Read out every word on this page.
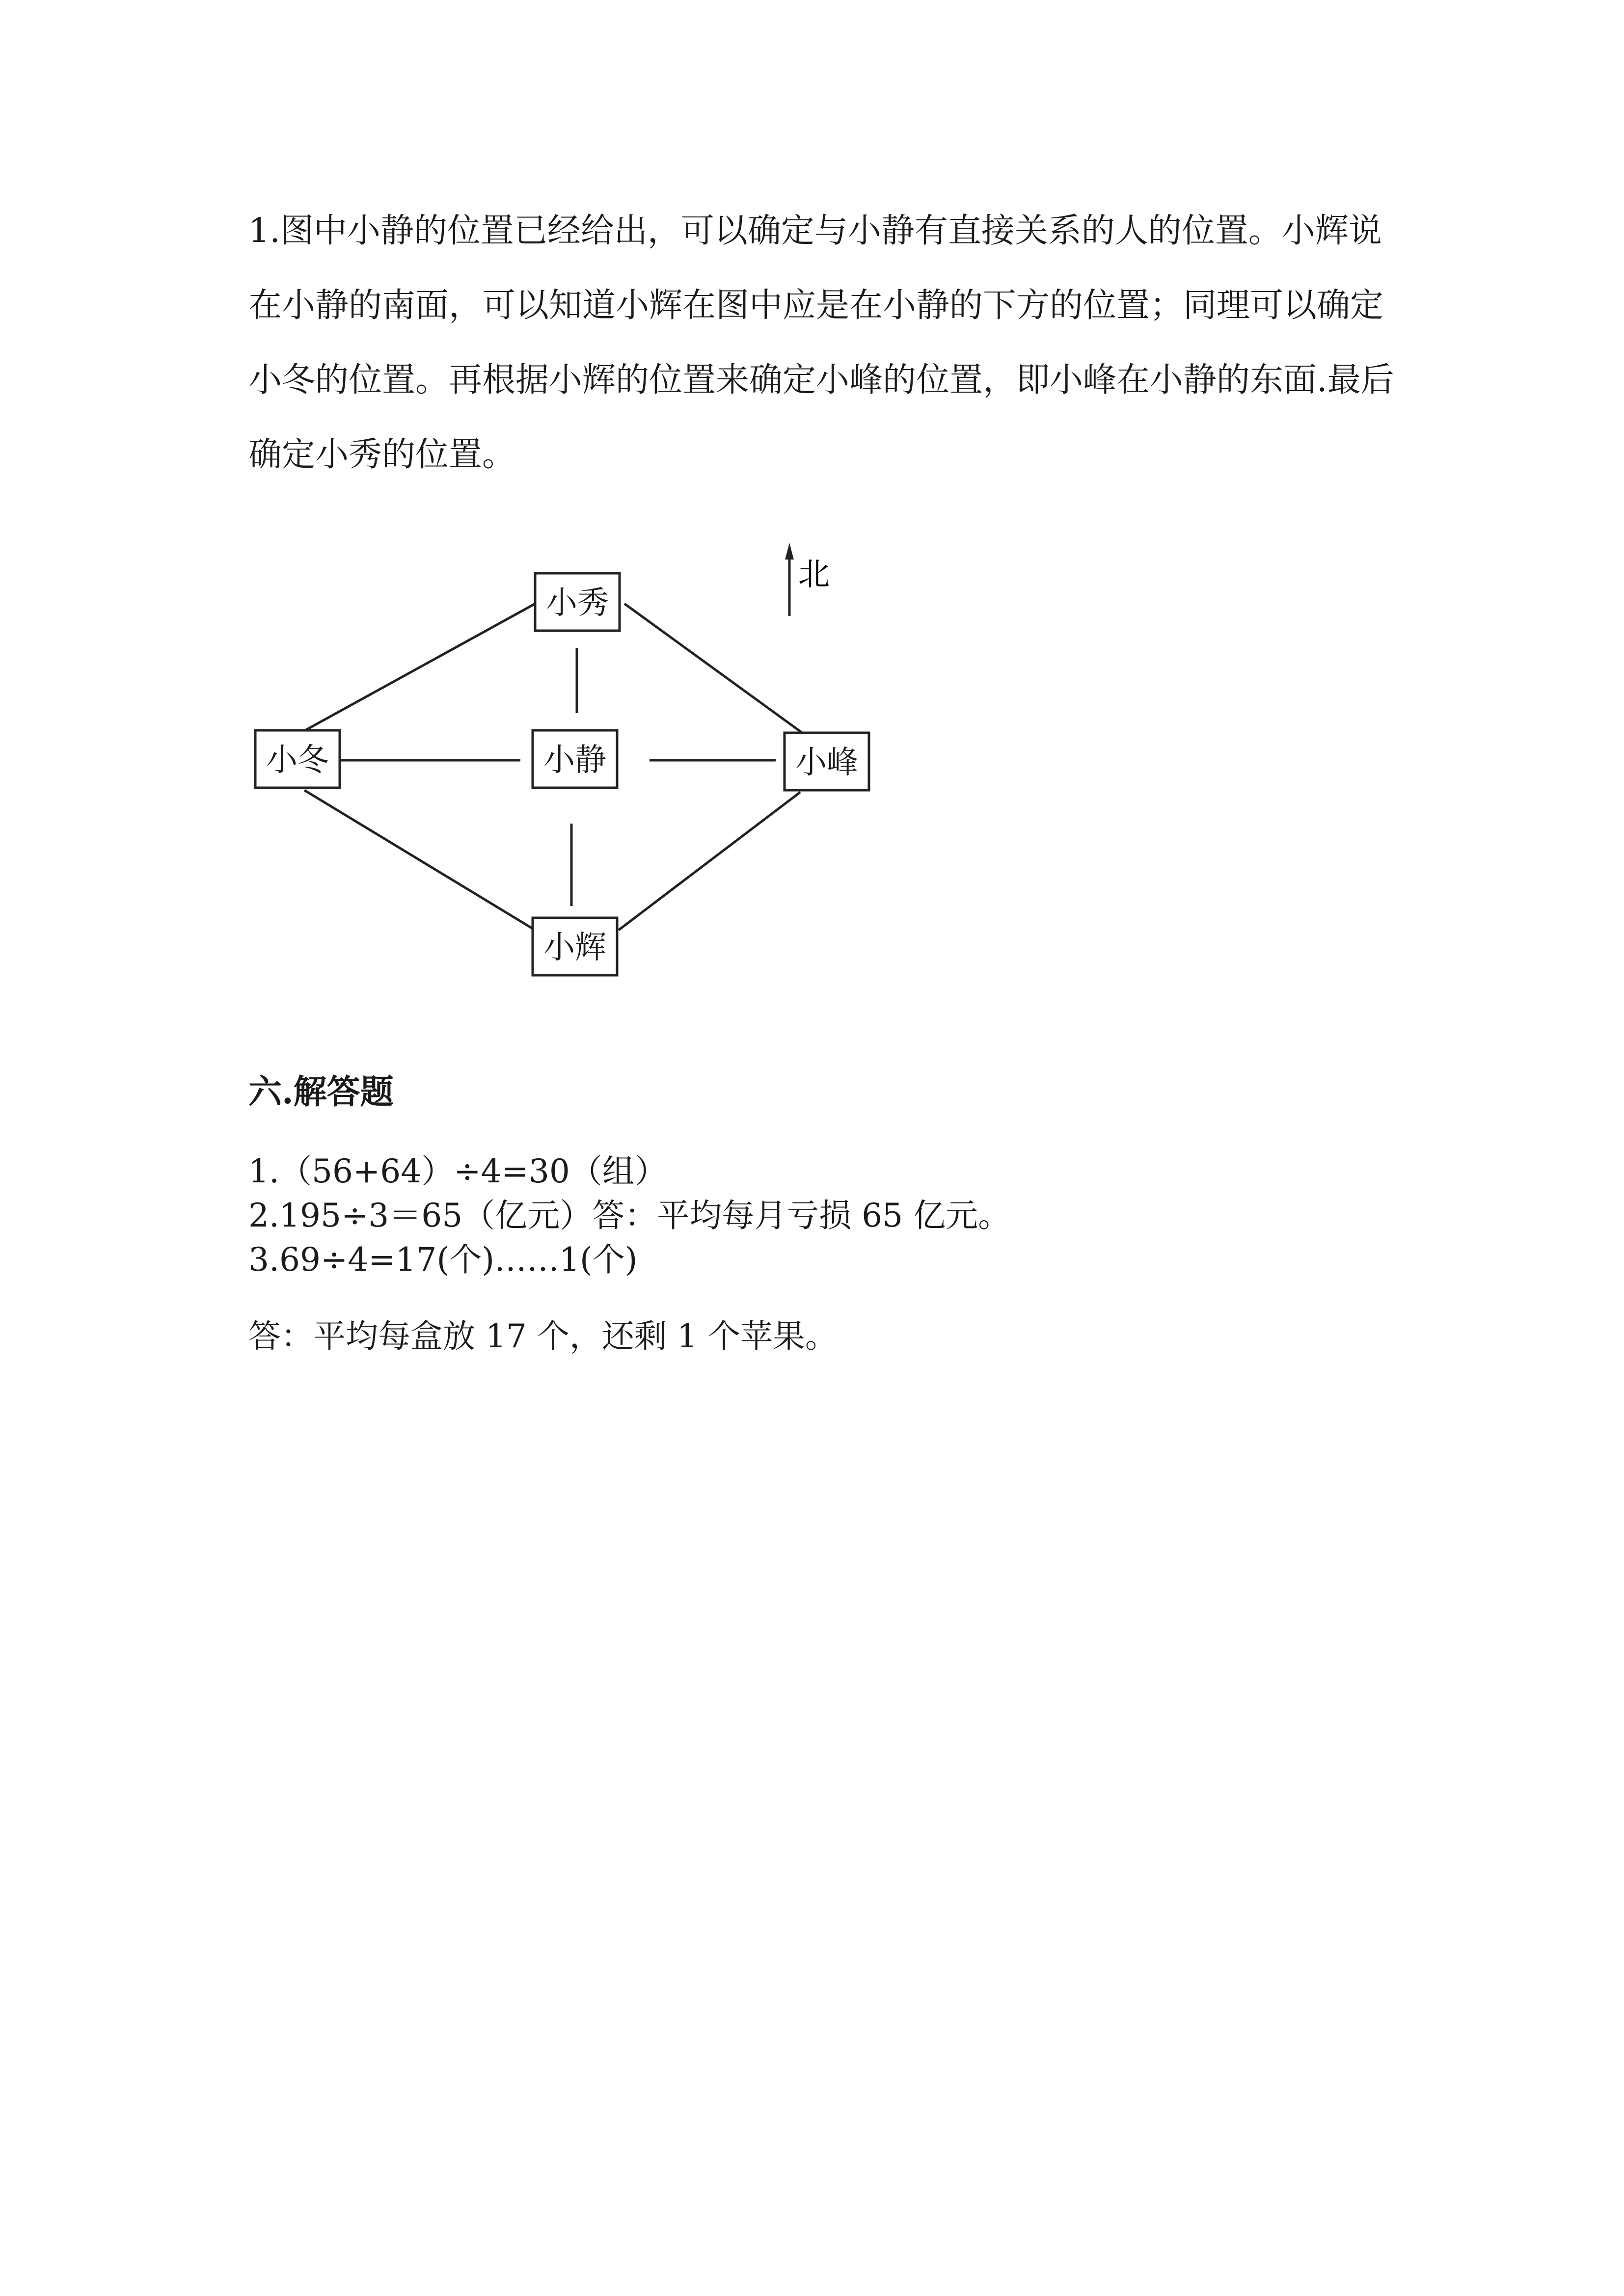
1.图中小静的位置已经给出，可以确定与小静有直接关系的人的位置。小辉说
在小静的南面，可以知道小辉在图中应是在小静的下方的位置；同理可以确定
小冬的位置。再根据小辉的位置来确定小峰的位置，即小峰在小静的东面.最后
确定小秀的位置。
北
小秀
小冬	小静	小峰
小辉
六.解答题
1.（56+64）÷4=30（组）
2.195÷3＝65（亿元）答：平均每月亏损 65 亿元。
3.69÷4=17(个)……1(个)
答：平均每盒放 17 个，还剩 1 个苹果。
